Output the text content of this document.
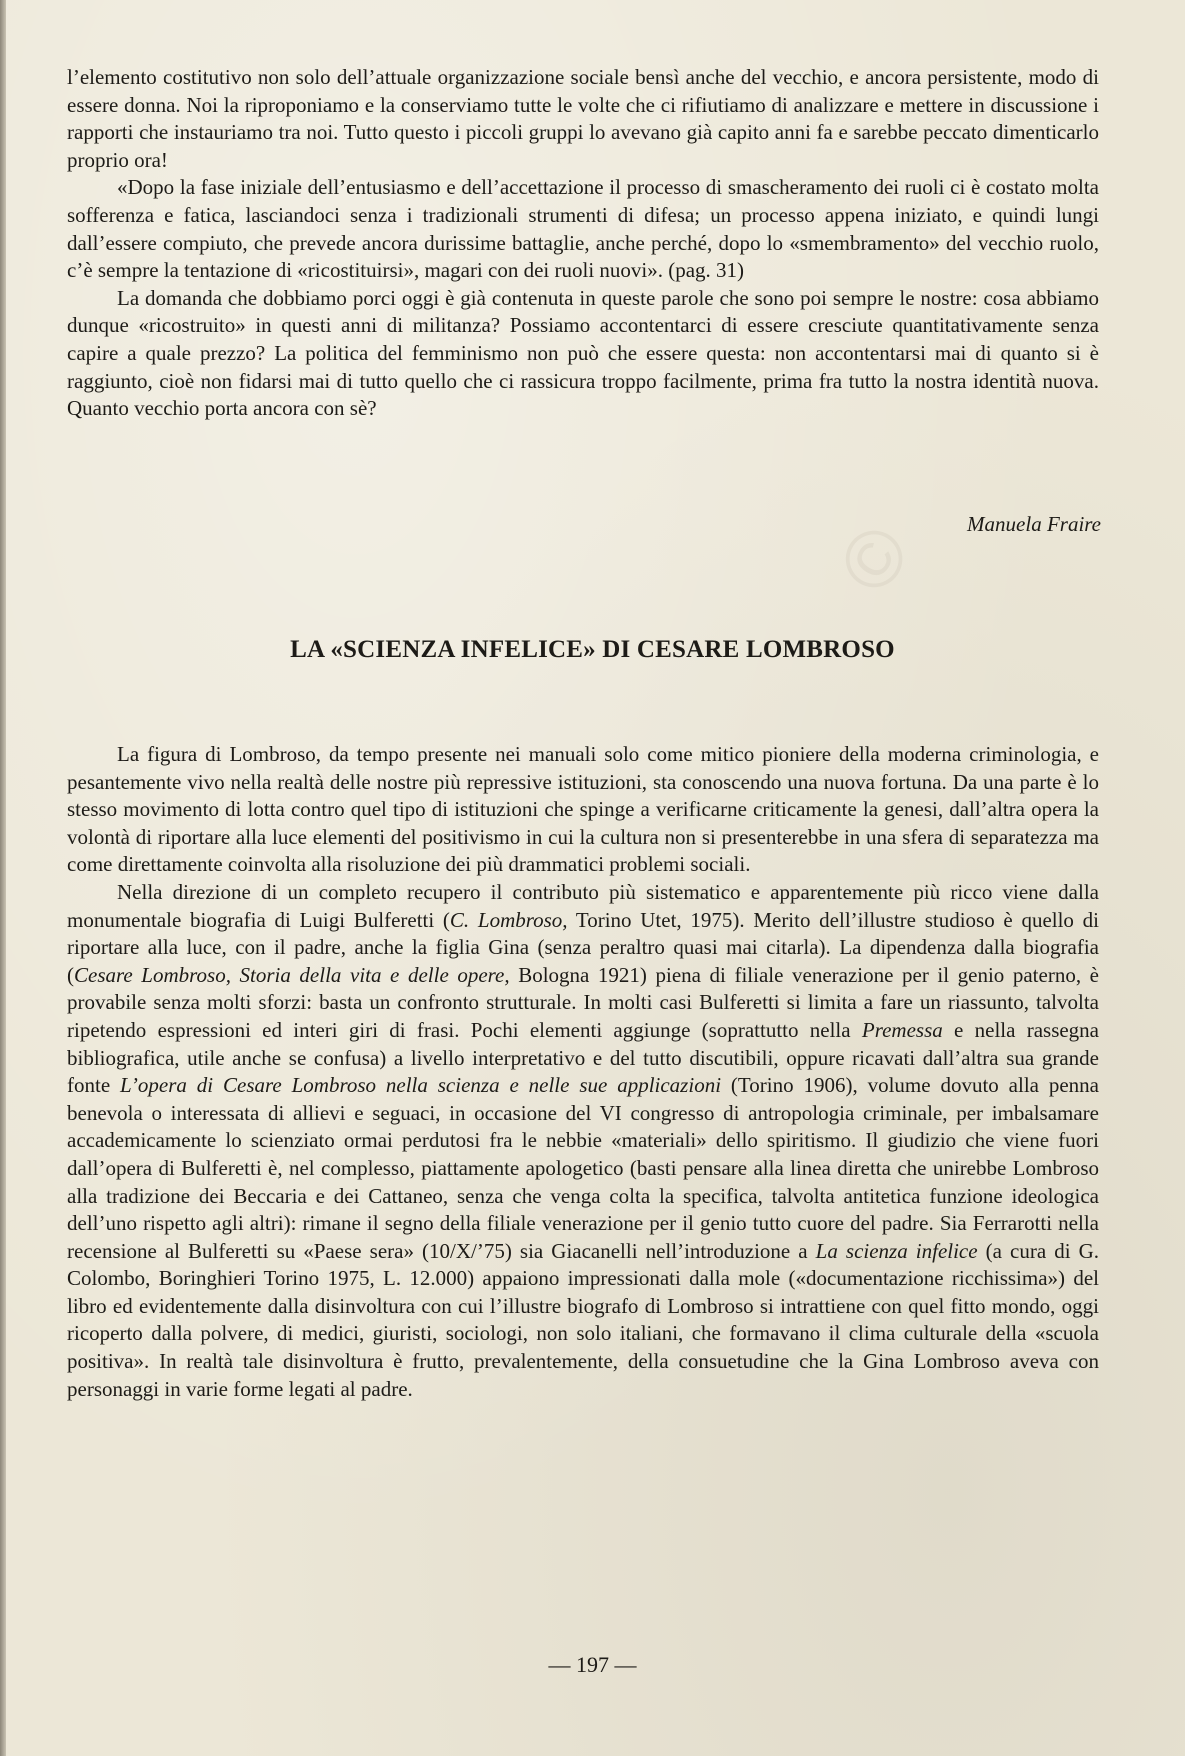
©

l’elemento costitutivo non solo dell’attuale organizzazione sociale bensì anche del vecchio, e ancora persistente, modo di essere donna. Noi la riproponiamo e la conserviamo tutte le volte che ci rifiutiamo di analizzare e mettere in discussione i rapporti che instauriamo tra noi. Tutto questo i piccoli gruppi lo avevano già capito anni fa e sarebbe peccato dimenticarlo proprio ora!

«Dopo la fase iniziale dell’entusiasmo e dell’accettazione il processo di smascheramento dei ruoli ci è costato molta sofferenza e fatica, lasciandoci senza i tradizionali strumenti di difesa; un processo appena iniziato, e quindi lungi dall’essere compiuto, che prevede ancora durissime battaglie, anche perché, dopo lo «smembramento» del vecchio ruolo, c’è sempre la tentazione di «ricostituirsi», magari con dei ruoli nuovi». (pag. 31)

La domanda che dobbiamo porci oggi è già contenuta in queste parole che sono poi sempre le nostre: cosa abbiamo dunque «ricostruito» in questi anni di militanza? Possiamo accontentarci di essere cresciute quantitativamente senza capire a quale prezzo? La politica del femminismo non può che essere questa: non accontentarsi mai di quanto si è raggiunto, cioè non fidarsi mai di tutto quello che ci rassicura troppo facilmente, prima fra tutto la nostra identità nuova. Quanto vecchio porta ancora con sè?

Manuela Fraire
LA «SCIENZA INFELICE» DI CESARE LOMBROSO

La figura di Lombroso, da tempo presente nei manuali solo come mitico pioniere della moderna criminologia, e pesantemente vivo nella realtà delle nostre più repressive istituzioni, sta conoscendo una nuova fortuna. Da una parte è lo stesso movimento di lotta contro quel tipo di istituzioni che spinge a verificarne criticamente la genesi, dall’altra opera la volontà di riportare alla luce elementi del positivismo in cui la cultura non si presenterebbe in una sfera di separatezza ma come direttamente coinvolta alla risoluzione dei più drammatici problemi sociali.

Nella direzione di un completo recupero il contributo più sistematico e apparentemente più ricco viene dalla monumentale biografia di Luigi Bulferetti (C. Lombroso, Torino Utet, 1975). Merito dell’illustre studioso è quello di riportare alla luce, con il padre, anche la figlia Gina (senza peraltro quasi mai citarla). La dipendenza dalla biografia (Cesare Lombroso, Storia della vita e delle opere, Bologna 1921) piena di filiale venerazione per il genio paterno, è provabile senza molti sforzi: basta un confronto strutturale. In molti casi Bulferetti si limita a fare un riassunto, talvolta ripetendo espressioni ed interi giri di frasi. Pochi elementi aggiunge (soprattutto nella Premessa e nella rassegna bibliografica, utile anche se confusa) a livello interpretativo e del tutto discutibili, oppure ricavati dall’altra sua grande fonte L’opera di Cesare Lombroso nella scienza e nelle sue applicazioni (Torino 1906), volume dovuto alla penna benevola o interessata di allievi e seguaci, in occasione del VI congresso di antropologia criminale, per imbalsamare accademicamente lo scienziato ormai perdutosi fra le nebbie «materiali» dello spiritismo. Il giudizio che viene fuori dall’opera di Bulferetti è, nel complesso, piattamente apologetico (basti pensare alla linea diretta che unirebbe Lombroso alla tradizione dei Beccaria e dei Cattaneo, senza che venga colta la specifica, talvolta antitetica funzione ideologica dell’uno rispetto agli altri): rimane il segno della filiale venerazione per il genio tutto cuore del padre. Sia Ferrarotti nella recensione al Bulferetti su «Paese sera» (10/X/’75) sia Giacanelli nell’introduzione a La scienza infelice (a cura di G. Colombo, Boringhieri Torino 1975, L. 12.000) appaiono impressionati dalla mole («documentazione ricchissima») del libro ed evidentemente dalla disinvoltura con cui l’illustre biografo di Lombroso si intrattiene con quel fitto mondo, oggi ricoperto dalla polvere, di medici, giuristi, sociologi, non solo italiani, che formavano il clima culturale della «scuola positiva». In realtà tale disinvoltura è frutto, prevalentemente, della consuetudine che la Gina Lombroso aveva con personaggi in varie forme legati al padre.

— 197 —
